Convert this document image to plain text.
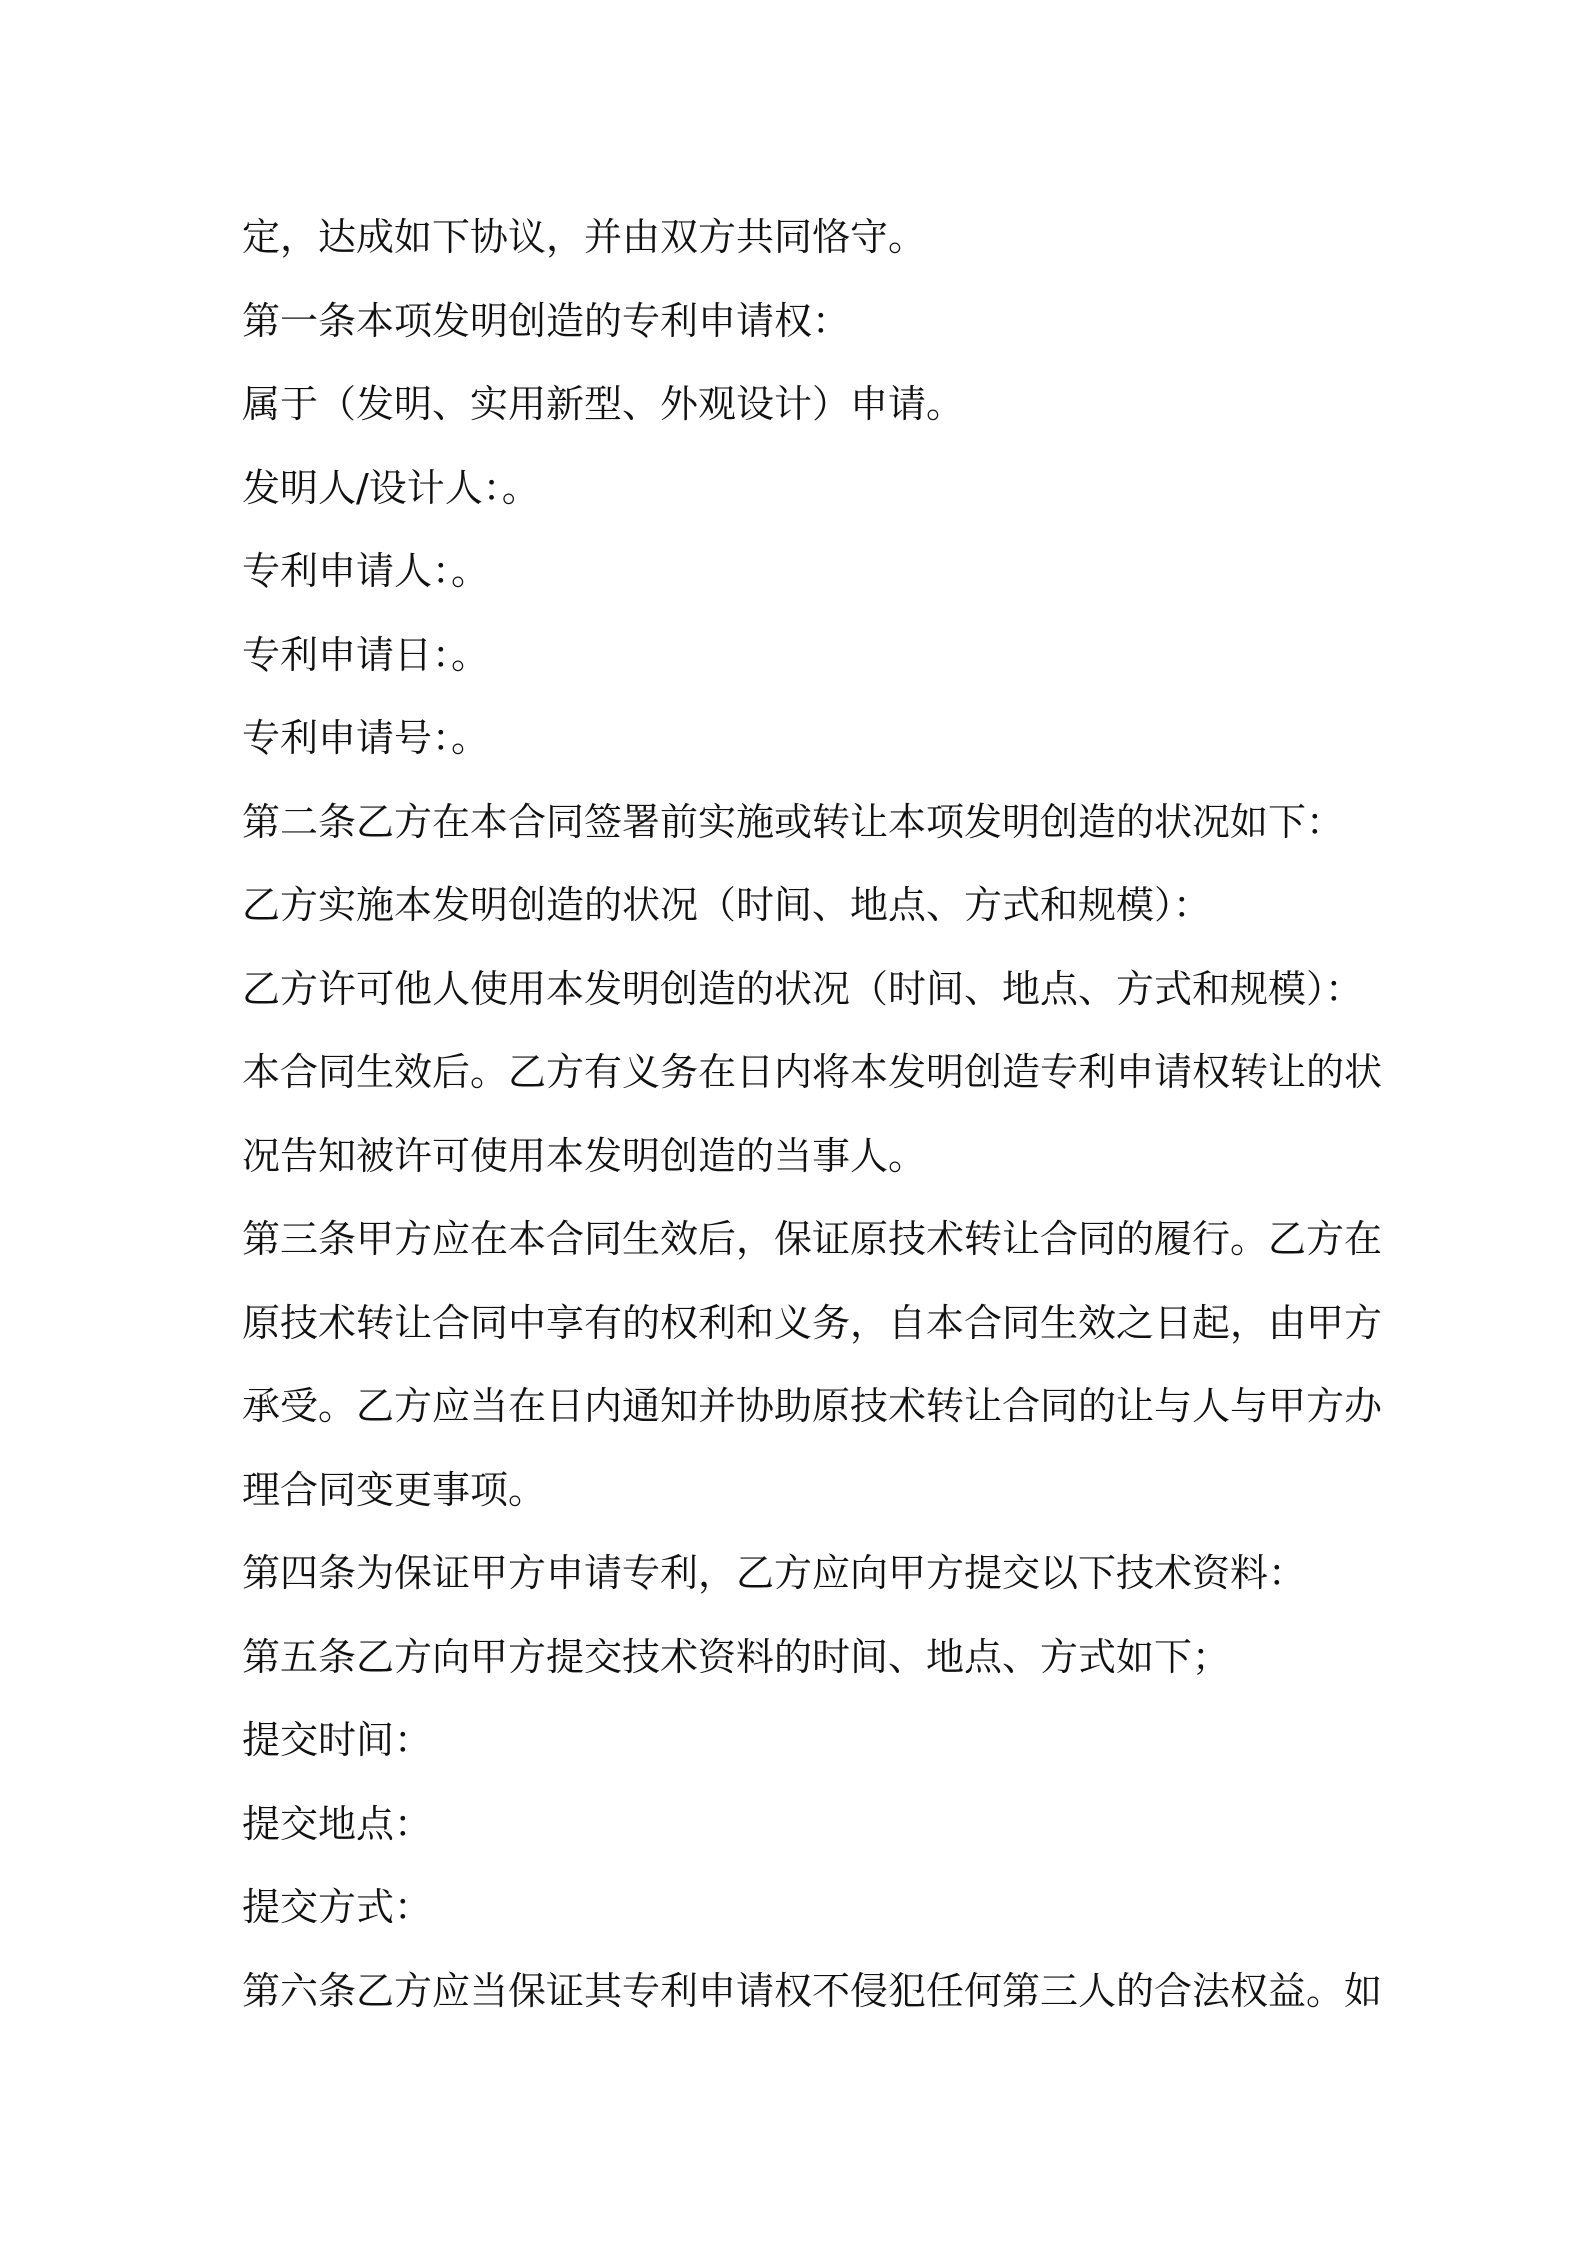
定，达成如下协议，并由双方共同恪守。

第一条本项发明创造的专利申请权：

属于（发明、实用新型、外观设计）申请。

发明人/设计人：。

专利申请人：。

专利申请日：。

专利申请号：。

第二条乙方在本合同签署前实施或转让本项发明创造的状况如下：

乙方实施本发明创造的状况（时间、地点、方式和规模）：

乙方许可他人使用本发明创造的状况（时间、地点、方式和规模）：

本合同生效后。乙方有义务在日内将本发明创造专利申请权转让的状

况告知被许可使用本发明创造的当事人。

第三条甲方应在本合同生效后，保证原技术转让合同的履行。乙方在

原技术转让合同中享有的权利和义务，自本合同生效之日起，由甲方

承受。乙方应当在日内通知并协助原技术转让合同的让与人与甲方办

理合同变更事项。

第四条为保证甲方申请专利，乙方应向甲方提交以下技术资料：

第五条乙方向甲方提交技术资料的时间、地点、方式如下；

提交时间：

提交地点：

提交方式：

第六条乙方应当保证其专利申请权不侵犯任何第三人的合法权益。如
